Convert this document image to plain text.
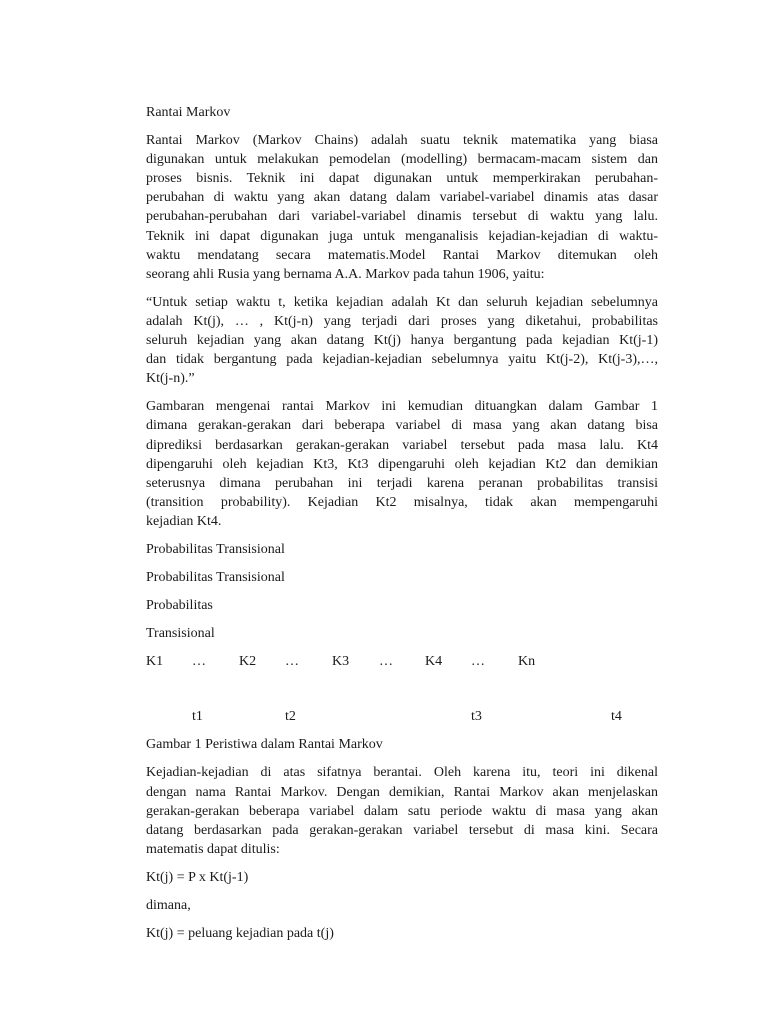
Rantai Markov
Rantai Markov (Markov Chains) adalah suatu teknik matematika yang biasa
digunakan untuk melakukan pemodelan (modelling) bermacam-macam sistem dan
proses bisnis. Teknik ini dapat digunakan untuk memperkirakan perubahan-
perubahan di waktu yang akan datang dalam variabel-variabel dinamis atas dasar
perubahan-perubahan dari variabel-variabel dinamis tersebut di waktu yang lalu.
Teknik ini dapat digunakan juga untuk menganalisis kejadian-kejadian di waktu-
waktu mendatang secara matematis.Model Rantai Markov ditemukan oleh
seorang ahli Rusia yang bernama A.A. Markov pada tahun 1906, yaitu:
“Untuk setiap waktu t, ketika kejadian adalah Kt dan seluruh kejadian sebelumnya
adalah Kt(j), … , Kt(j-n) yang terjadi dari proses yang diketahui, probabilitas
seluruh kejadian yang akan datang Kt(j) hanya bergantung pada kejadian Kt(j-1)
dan tidak bergantung pada kejadian-kejadian sebelumnya yaitu Kt(j-2), Kt(j-3),…,
Kt(j-n).”
Gambaran mengenai rantai Markov ini kemudian dituangkan dalam Gambar 1
dimana gerakan-gerakan dari beberapa variabel di masa yang akan datang bisa
diprediksi berdasarkan gerakan-gerakan variabel tersebut pada masa lalu. Kt4
dipengaruhi oleh kejadian Kt3, Kt3 dipengaruhi oleh kejadian Kt2 dan demikian
seterusnya dimana perubahan ini terjadi karena peranan probabilitas transisi
(transition probability). Kejadian Kt2 misalnya, tidak akan mempengaruhi
kejadian Kt4.
Probabilitas Transisional
Probabilitas Transisional
Probabilitas
Transisional
K1 … K2 … K3 … K4 … Kn
t1	t2	t3	t4
Gambar 1 Peristiwa dalam Rantai Markov
Kejadian-kejadian di atas sifatnya berantai. Oleh karena itu, teori ini dikenal
dengan nama Rantai Markov. Dengan demikian, Rantai Markov akan menjelaskan
gerakan-gerakan beberapa variabel dalam satu periode waktu di masa yang akan
datang berdasarkan pada gerakan-gerakan variabel tersebut di masa kini. Secara
matematis dapat ditulis:
Kt(j) = P x Kt(j-1)
dimana,
Kt(j) = peluang kejadian pada t(j)
